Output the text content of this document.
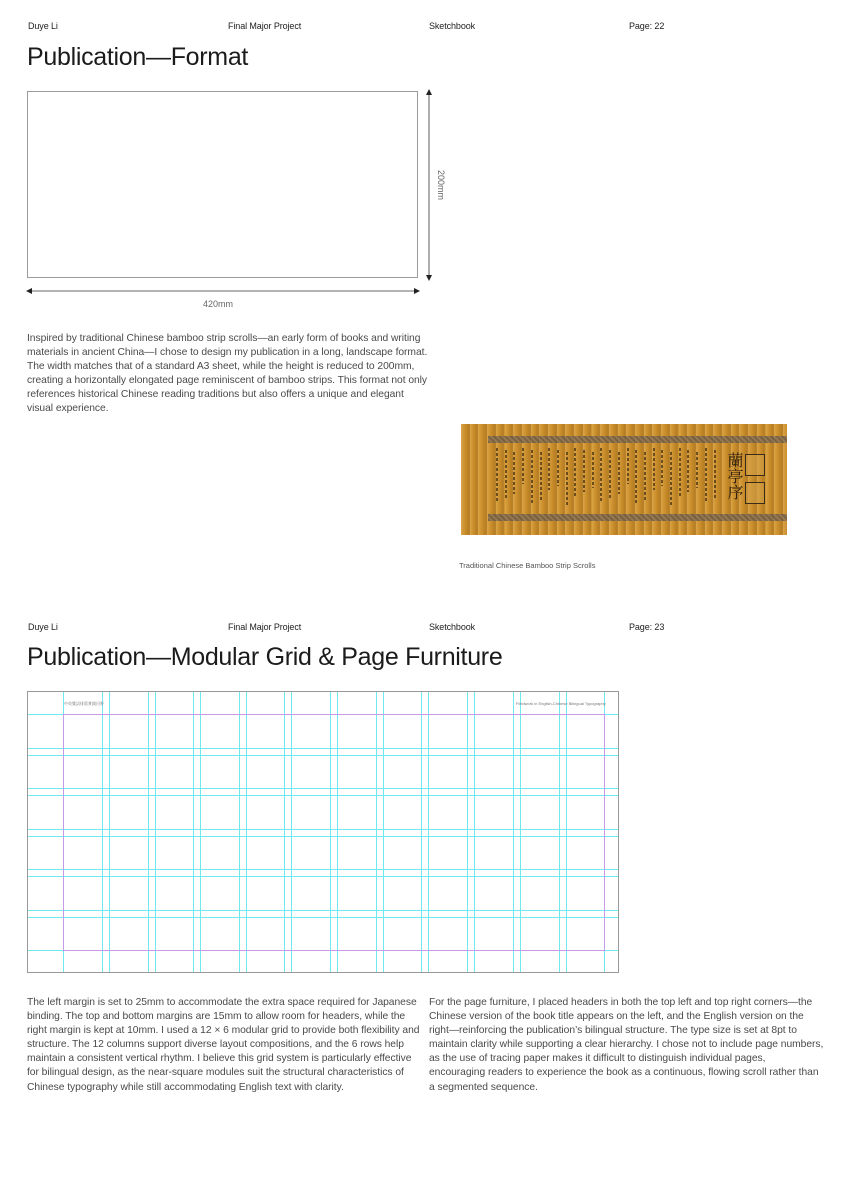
Duye Li	Final Major Project	Sketchbook	Page: 22
Publication—Format
200mm
420mm
Inspired by traditional Chinese bamboo strip scrolls—an early form of books and writing materials in ancient China—I chose to design my publication in a long, landscape format. The width matches that of a standard A3 sheet, while the height is reduced to 200mm, creating a horizontally elongated page reminiscent of bamboo strips. This format not only references historical Chinese reading traditions but also offers a unique and elegant visual experience.
蘭亭序
Traditional Chinese Bamboo Strip Scrolls
Duye Li	Final Major Project	Sketchbook	Page: 23
Publication—Modular Grid & Page Furniture
中英雙語排版實踐田野	Fieldwork in English-Chinese Bilingual Typography
The left margin is set to 25mm to accommodate the extra space required for Japanese binding. The top and bottom margins are 15mm to allow room for headers, while the right margin is kept at 10mm. I used a 12 × 6 modular grid to provide both flexibility and structure. The 12 columns support diverse layout compositions, and the 6 rows help maintain a consistent vertical rhythm. I believe this grid system is particularly effective for bilingual design, as the near-square modules suit the structural characteristics of Chinese typography while still accommodating English text with clarity.
For the page furniture, I placed headers in both the top left and top right corners—the Chinese version of the book title appears on the left, and the English version on the right—reinforcing the publication’s bilingual structure. The type size is set at 8pt to maintain clarity while supporting a clear hierarchy. I chose not to include page numbers, as the use of tracing paper makes it difficult to distinguish individual pages, encouraging readers to experience the book as a continuous, flowing scroll rather than a segmented sequence.
